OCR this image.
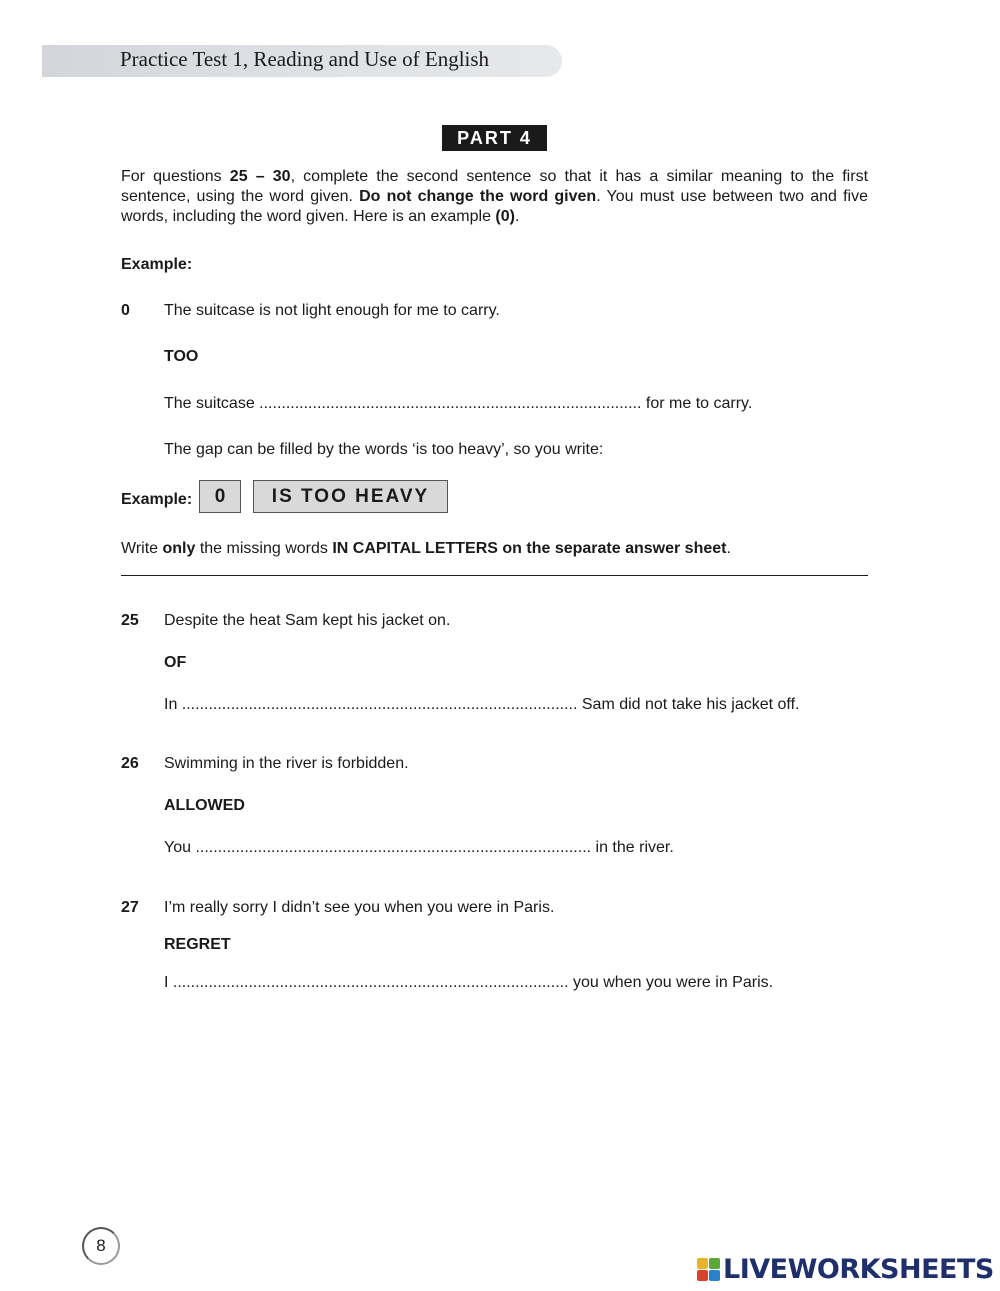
Practice Test 1, Reading and Use of English
PART 4
For questions 25 – 30, complete the second sentence so that it has a similar meaning to the first sentence, using the word given. Do not change the word given. You must use between two and five words, including the word given. Here is an example (0).
Example:
0 The suitcase is not light enough for me to carry.
TOO
The suitcase ...................................................................................... for me to carry.
The gap can be filled by the words ‘is too heavy’, so you write:
Example:	0	IS TOO HEAVY
Write only the missing words IN CAPITAL LETTERS on the separate answer sheet.
25 Despite the heat Sam kept his jacket on.
OF
In ......................................................................................... Sam did not take his jacket off.
26 Swimming in the river is forbidden.
ALLOWED
You ......................................................................................... in the river.
27 I’m really sorry I didn’t see you when you were in Paris.
REGRET
I ......................................................................................... you when you were in Paris.
8
LIVEWORKSHEETS
